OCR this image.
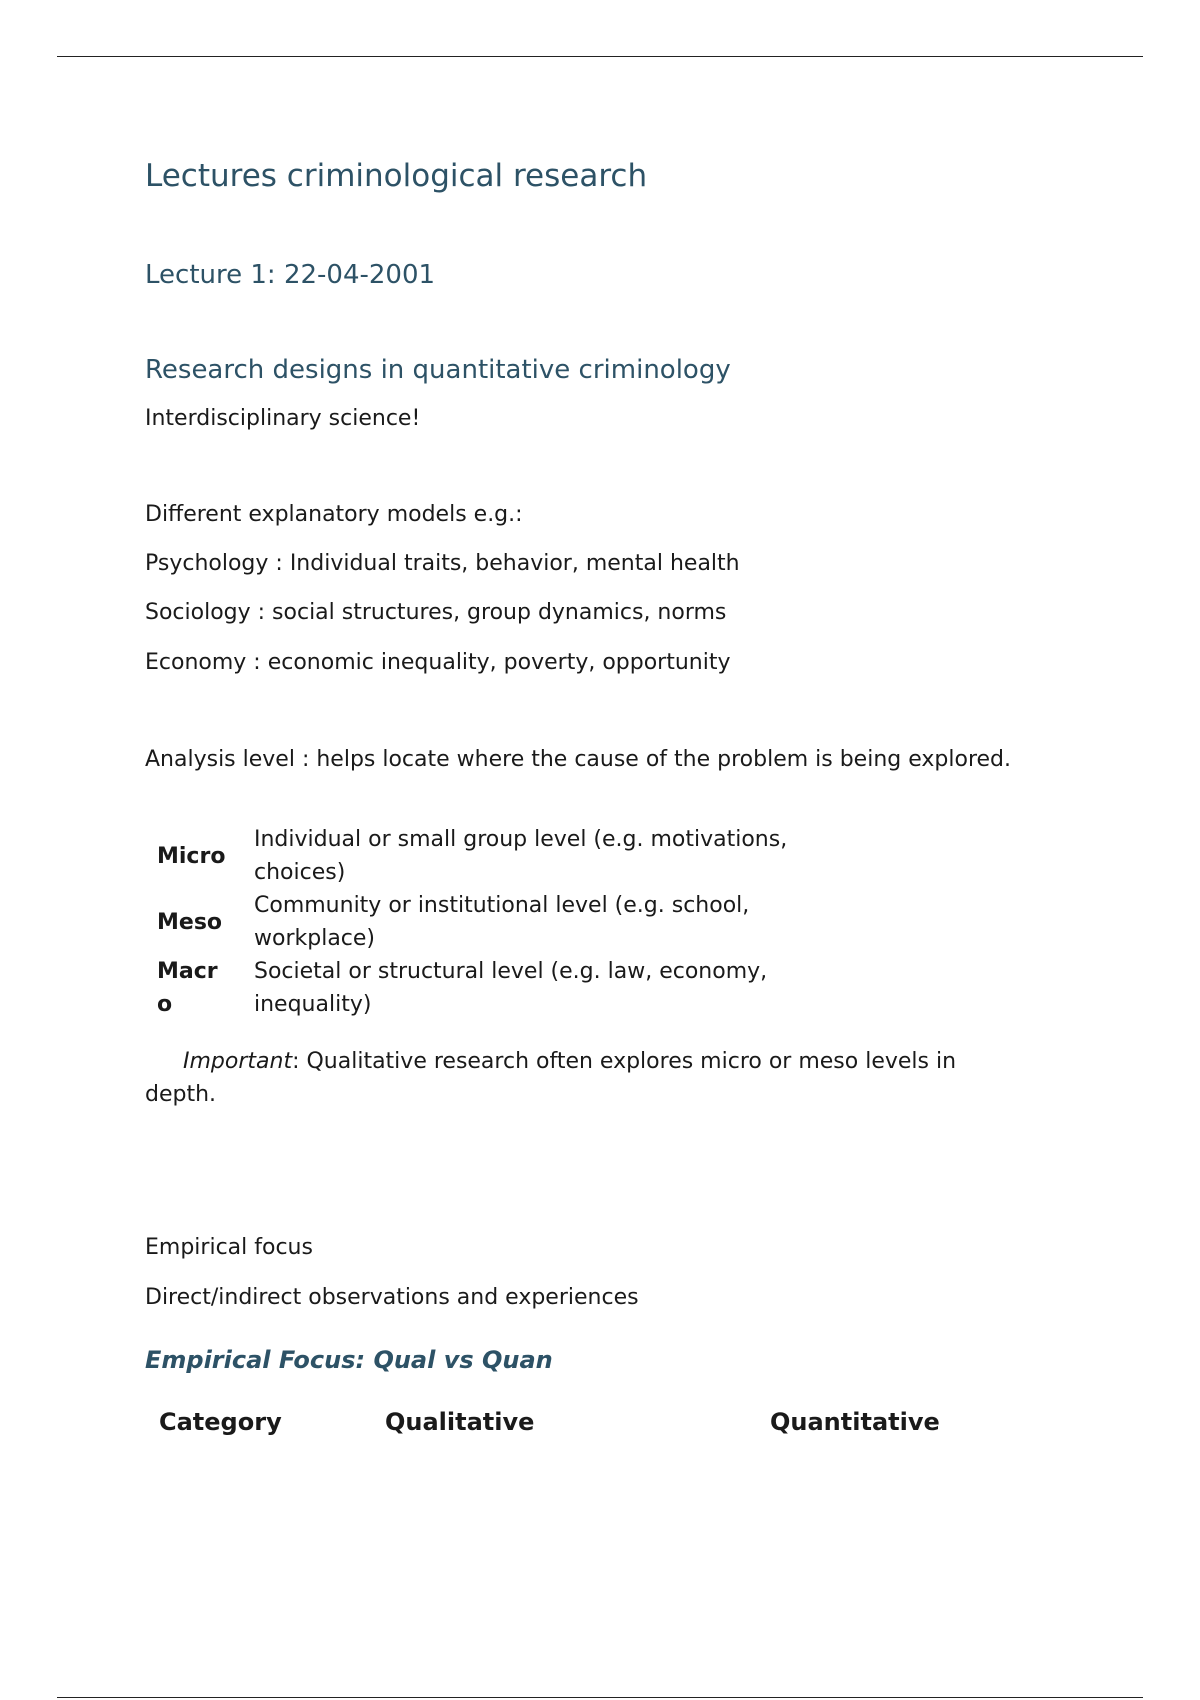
Lectures criminological research
Lecture 1: 22-04-2001
Research designs in quantitative criminology

Interdisciplinary science!

Different explanatory models e.g.:

Psychology : Individual traits, behavior, mental health

Sociology : social structures, group dynamics, norms

Economy : economic inequality, poverty, opportunity

Analysis level : helps locate where the cause of the problem is being explored.

Micro	Individual or small group level (e.g. motivations, choices)
Meso	Community or institutional level (e.g. school, workplace)
Macro	Societal or structural level (e.g. law, economy, inequality)

Important: Qualitative research often explores micro or meso levels in depth.

Empirical focus

Direct/indirect observations and experiences

Empirical Focus: Qual vs Quan

Category	Qualitative	Quantitative
